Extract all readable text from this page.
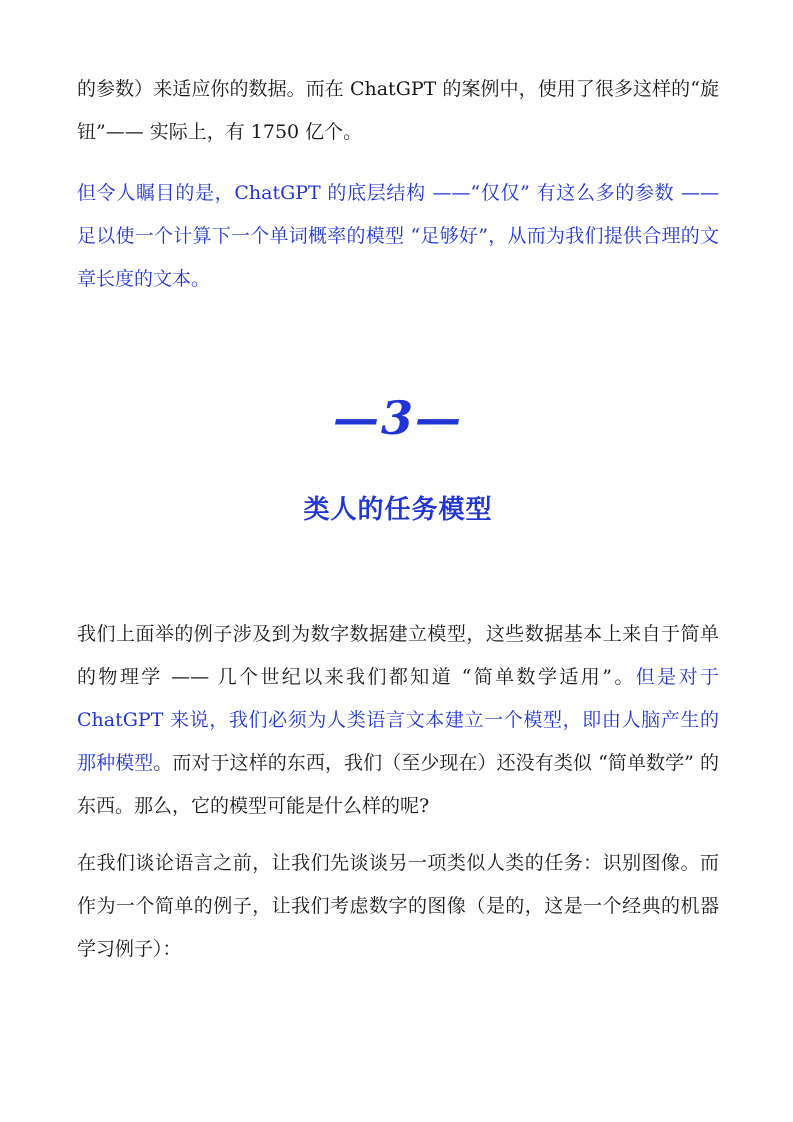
的参数）来适应你的数据。而在 ChatGPT 的案例中，使用了很多这样的“旋钮”—— 实际上，有 1750 亿个。

但令人瞩目的是，ChatGPT 的底层结构 ——“仅仅” 有这么多的参数 —— 足以使一个计算下一个单词概率的模型 “足够好”，从而为我们提供合理的文章长度的文本。

—3—
类人的任务模型

我们上面举的例子涉及到为数字数据建立模型，这些数据基本上来自于简单的物理学 —— 几个世纪以来我们都知道 “简单数学适用”。但是对于 ChatGPT 来说，我们必须为人类语言文本建立一个模型，即由人脑产生的那种模型。而对于这样的东西，我们（至少现在）还没有类似 “简单数学” 的东西。那么，它的模型可能是什么样的呢?

在我们谈论语言之前，让我们先谈谈另一项类似人类的任务：识别图像。而作为一个简单的例子，让我们考虑数字的图像（是的，这是一个经典的机器学习例子）：
